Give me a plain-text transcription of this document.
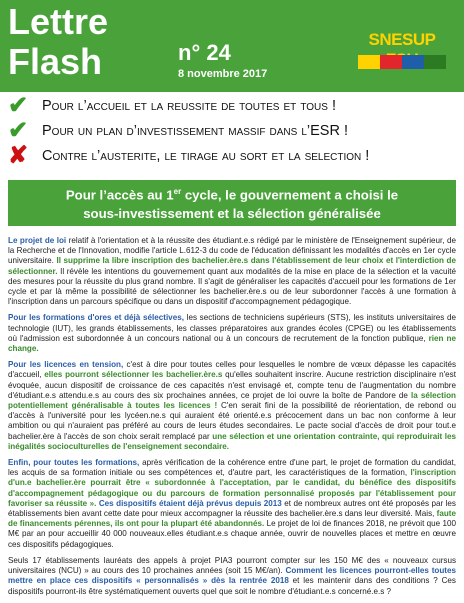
Lettre
Flash	n° 24
8 novembre 2017
SNESUP
✔ Pour l’accueil et la reussite de toutes et tous !
✔ Pour un plan d’investissement massif dans l’ESR !
✘ Contre l’austerite, le tirage au sort et la selection !
Pour l’accès au 1er cycle, le gouvernement a choisi le
sous-investissement et la sélection généralisée

Le projet de loi relatif à l'orientation et à la réussite des étudiant.e.s rédigé par le ministère de l'Enseignement supérieur, de la Recherche et de l'Innovation, modifie l'article L.612-3 du code de l'éducation définissant les modalités d'accès en 1er cycle universitaire. Il supprime la libre inscription des bachelier.ère.s dans l'établissement de leur choix et l'interdiction de sélectionner. Il révèle les intentions du gouvernement quant aux modalités de la mise en place de la sélection et la vacuité des mesures pour la réussite du plus grand nombre. Il s'agit de généraliser les capacités d'accueil pour les formations de 1er cycle et par là même la possibilité de sélectionner les bachelier.ère.s ou de leur subordonner l'accès à une formation à l'inscription dans un parcours spécifique ou dans un dispositif d'accompagnement pédagogique.

Pour les formations d'ores et déjà sélectives, les sections de techniciens supérieurs (STS), les instituts universitaires de technologie (IUT), les grands établissements, les classes préparatoires aux grandes écoles (CPGE) ou les établissements où l'admission est subordonnée à un concours national ou à un concours de recrutement de la fonction publique, rien ne change.

Pour les licences en tension, c'est à dire pour toutes celles pour lesquelles le nombre de vœux dépasse les capacités d'accueil, elles pourront sélectionner les bachelier.ère.s qu'elles souhaitent inscrire. Aucune restriction disciplinaire n'est évoquée, aucun dispositif de croissance de ces capacités n'est envisagé et, compte tenu de l'augmentation du nombre d'étudiant.e.s attendu.e.s au cours des six prochaines années, ce projet de loi ouvre la boîte de Pandore de la sélection potentiellement généralisable à toutes les licences ! C'en serait fini de la possibilité de réorientation, de rebond ou d'accès à l'université pour les lycéen.ne.s qui auraient été orienté.e.s précocement dans un bac non conforme à leur ambition ou qui n'auraient pas préféré au cours de leurs études secondaires. Le pacte social d'accès de droit pour tout.e bachelier.ère à l'accès de son choix serait remplacé par une sélection et une orientation contrainte, qui reproduirait les inégalités socioculturelles de l'enseignement secondaire.

Enfin, pour toutes les formations, après vérification de la cohérence entre d'une part, le projet de formation du candidat, les acquis de sa formation initiale ou ses compétences et, d'autre part, les caractéristiques de la formation, l'inscription d'un.e bachelier.ère pourrait être « subordonnée à l'acceptation, par le candidat, du bénéfice des dispositifs d'accompagnement pédagogique ou du parcours de formation personnalisé proposés par l'établissement pour favoriser sa réussite ». Ces dispositifs étaient déjà prévus depuis 2013 et de nombreux autres ont été proposés par les établissements bien avant cette date pour mieux accompagner la réussite des bachelier.ère.s dans leur diversité. Mais, faute de financements pérennes, ils ont pour la plupart été abandonnés. Le projet de loi de finances 2018, ne prévoit que 100 M€ par an pour accueillir 40 000 nouveaux.elles étudiant.e.s chaque année, ouvrir de nouvelles places et mettre en œuvre ces dispositifs pédagogiques.

Seuls 17 établissements lauréats des appels à projet PIA3 pourront compter sur les 150 M€ des « nouveaux cursus universitaires (NCU) » au cours des 10 prochaines années (soit 15 M€/an). Comment les licences pourront-elles toutes mettre en place ces dispositifs « personnalisés » dès la rentrée 2018 et les maintenir dans des conditions ? Ces dispositifs pourront-ils être systématiquement ouverts quel que soit le nombre d'étudiant.e.s concerné.e.s ?
